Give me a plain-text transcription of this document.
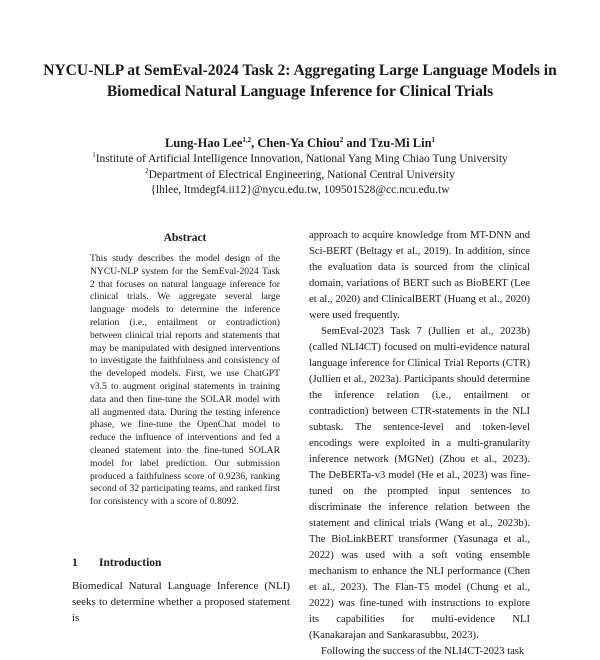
NYCU-NLP at SemEval-2024 Task 2: Aggregating Large Language Models in Biomedical Natural Language Inference for Clinical Trials
Lung-Hao Lee$^{1,2}$, Chen-Ya Chiou$^2$ and Tzu-Mi Lin$^1$
$^1$Institute of Artificial Intelligence Innovation, National Yang Ming Chiao Tung University
$^2$Department of Electrical Engineering, National Central University
{lhlee, ltmdegf4.ii12}@nycu.edu.tw, 109501528@cc.ncu.edu.tw
Abstract
This study describes the model design of the NYCU-NLP system for the SemEval-2024 Task 2 that focuses on natural language inference for clinical trials. We aggregate several large language models to determine the inference relation (i.e., entailment or contradiction) between clinical trial reports and statements that may be manipulated with designed interventions to investigate the faithfulness and consistency of the developed models. First, we use ChatGPT v3.5 to augment original statements in training data and then fine-tune the SOLAR model with all augmented data. During the testing inference phase, we fine-tune the OpenChat model to reduce the influence of interventions and fed a cleaned statement into the fine-tuned SOLAR model for label prediction. Our submission produced a faithfulness score of 0.9236, ranking second of 32 participating teams, and ranked first for consistency with a score of 0.8092.
1 Introduction
Biomedical Natural Language Inference (NLI) seeks to determine whether a proposed statement is

approach to acquire knowledge from MT-DNN and Sci-BERT (Beltagy et al., 2019). In addition, since the evaluation data is sourced from the clinical domain, variations of BERT such as BioBERT (Lee et al., 2020) and ClinicalBERT (Huang et al., 2020) were used frequently.

SemEval-2023 Task 7 (Jullien et al., 2023b) (called NLI4CT) focused on multi-evidence natural language inference for Clinical Trial Reports (CTR) (Jullien et al., 2023a). Participants should determine the inference relation (i.e., entailment or contradiction) between CTR-statements in the NLI subtask. The sentence-level and token-level encodings were exploited in a multi-granularity inference network (MGNet) (Zhou et al., 2023). The DeBERTa-v3 model (He et al., 2023) was fine-tuned on the prompted input sentences to discriminate the inference relation between the statement and clinical trials (Wang et al., 2023b). The BioLinkBERT transformer (Yasunaga et al., 2022) was used with a soft voting ensemble mechanism to enhance the NLI performance (Chen et al., 2023). The Flan-T5 model (Chung et al., 2022) was fine-tuned with instructions to explore its capabilities for multi-evidence NLI (Kanakarajan and Sankarasubbu, 2023).

Following the success of the NLI4CT-2023 task
